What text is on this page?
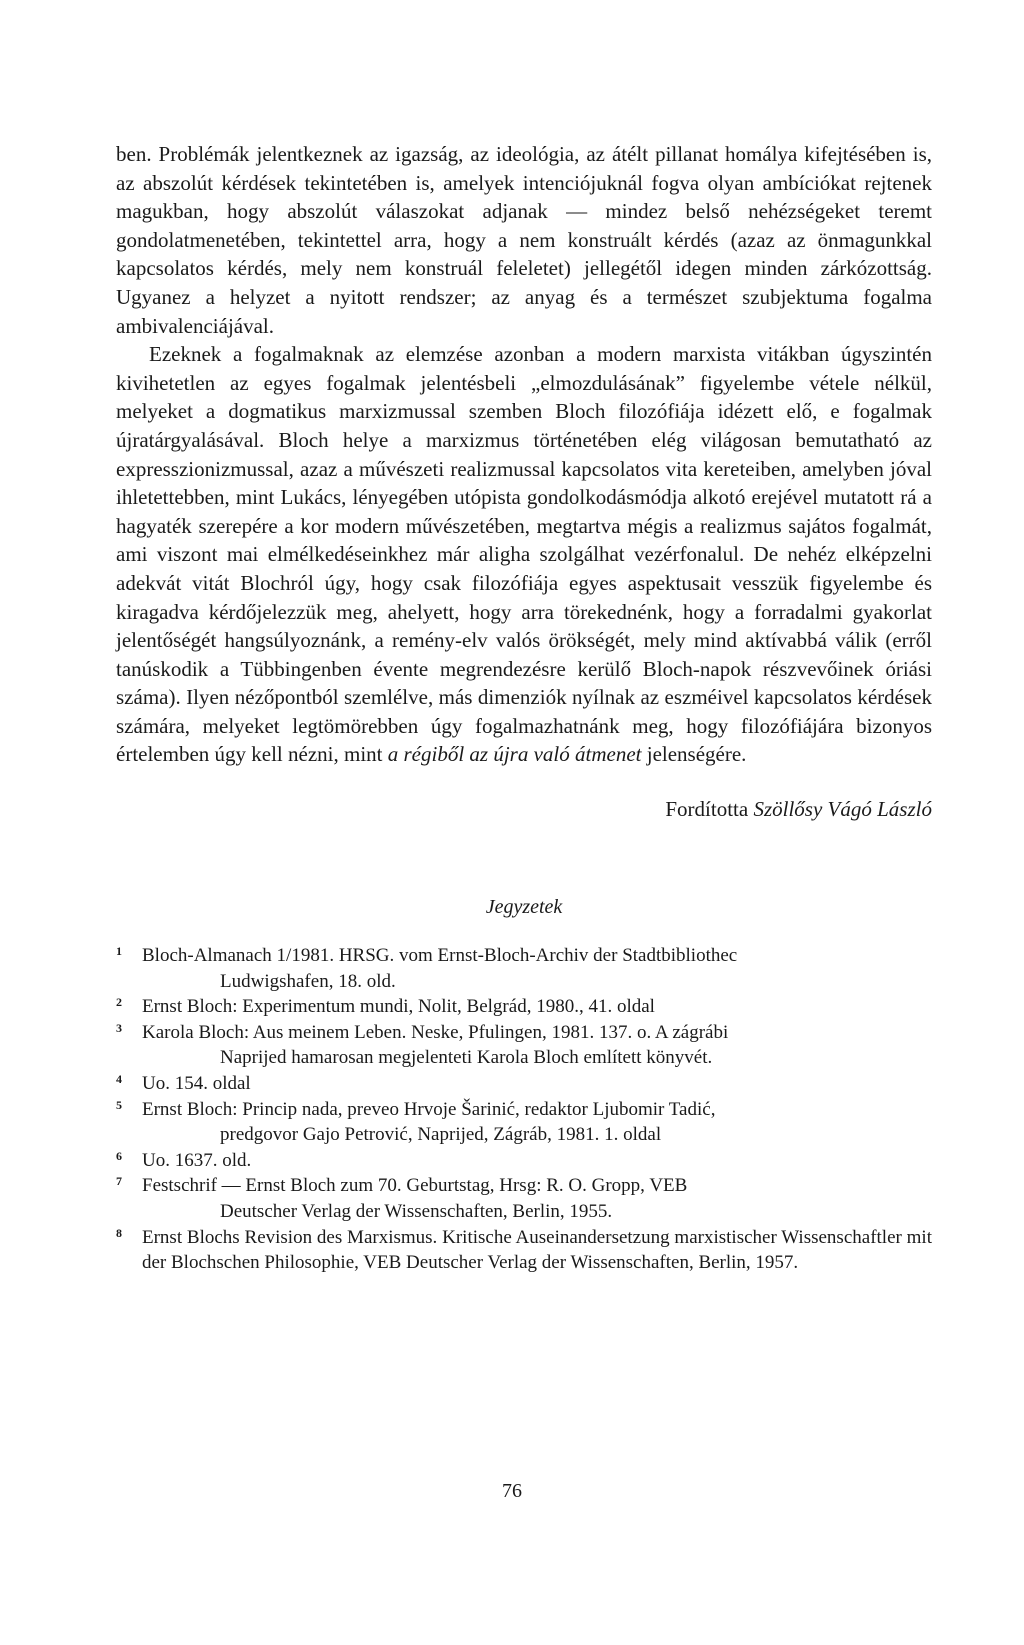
ben. Problémák jelentkeznek az igazság, az ideológia, az átélt pillanat homálya kifejtésében is, az abszolút kérdések tekintetében is, amelyek intenciójuknál fogva olyan ambíciókat rejtenek magukban, hogy abszolút válaszokat adjanak — mindez belső nehézségeket teremt gondolatmenetében, tekintettel arra, hogy a nem konstruált kérdés (azaz az önmagunkkal kapcsolatos kérdés, mely nem konstruál feleletet) jellegétől idegen minden zárkózottság. Ugyanez a helyzet a nyitott rendszer; az anyag és a természet szubjektuma fogalma ambivalenciájával.

Ezeknek a fogalmaknak az elemzése azonban a modern marxista vitákban úgyszintén kivihetetlen az egyes fogalmak jelentésbeli „elmozdulásának” figyelembe vétele nélkül, melyeket a dogmatikus marxizmussal szemben Bloch filozófiája idézett elő, e fogalmak újratárgyalásával. Bloch helye a marxizmus történetében elég világosan bemutatható az expresszionizmussal, azaz a művészeti realizmussal kapcsolatos vita kereteiben, amelyben jóval ihletettebben, mint Lukács, lényegében utópista gondolkodásmódja alkotó erejével mutatott rá a hagyaték szerepére a kor modern művészetében, megtartva mégis a realizmus sajátos fogalmát, ami viszont mai elmélkedéseinkhez már aligha szolgálhat vezérfonalul. De nehéz elképzelni adekvát vitát Blochról úgy, hogy csak filozófiája egyes aspektusait vesszük figyelembe és kiragadva kérdőjelezzük meg, ahelyett, hogy arra törekednénk, hogy a forradalmi gyakorlat jelentőségét hangsúlyoznánk, a remény-elv valós örökségét, mely mind aktívabbá válik (erről tanúskodik a Tübbingenben évente megrendezésre kerülő Bloch-napok részvevőinek óriási száma). Ilyen nézőpontból szemlélve, más dimenziók nyílnak az eszméivel kapcsolatos kérdések számára, melyeket legtömörebben úgy fogalmazhatnánk meg, hogy filozófiájára bizonyos értelemben úgy kell nézni, mint a régiből az újra való átmenet jelenségére.

Fordította Szöllősy Vágó László
Jegyzetek
1 Bloch-Almanach 1/1981. HRSG. vom Ernst-Bloch-Archiv der Stadtbibliothec
Ludwigshafen, 18. old.
2 Ernst Bloch: Experimentum mundi, Nolit, Belgrád, 1980., 41. oldal
3 Karola Bloch: Aus meinem Leben. Neske, Pfulingen, 1981. 137. o. A zágrábi
Naprijed hamarosan megjelenteti Karola Bloch említett könyvét.
4 Uo. 154. oldal
5 Ernst Bloch: Princip nada, preveo Hrvoje Šarinić, redaktor Ljubomir Tadić,
predgovor Gajo Petrović, Naprijed, Zágráb, 1981. 1. oldal
6 Uo. 1637. old.
7 Festschrif — Ernst Bloch zum 70. Geburtstag, Hrsg: R. O. Gropp, VEB
Deutscher Verlag der Wissenschaften, Berlin, 1955.
8 Ernst Blochs Revision des Marxismus. Kritische Auseinandersetzung marxistischer Wissenschaftler mit der Blochschen Philosophie, VEB Deutscher Verlag der Wissenschaften, Berlin, 1957.
76
